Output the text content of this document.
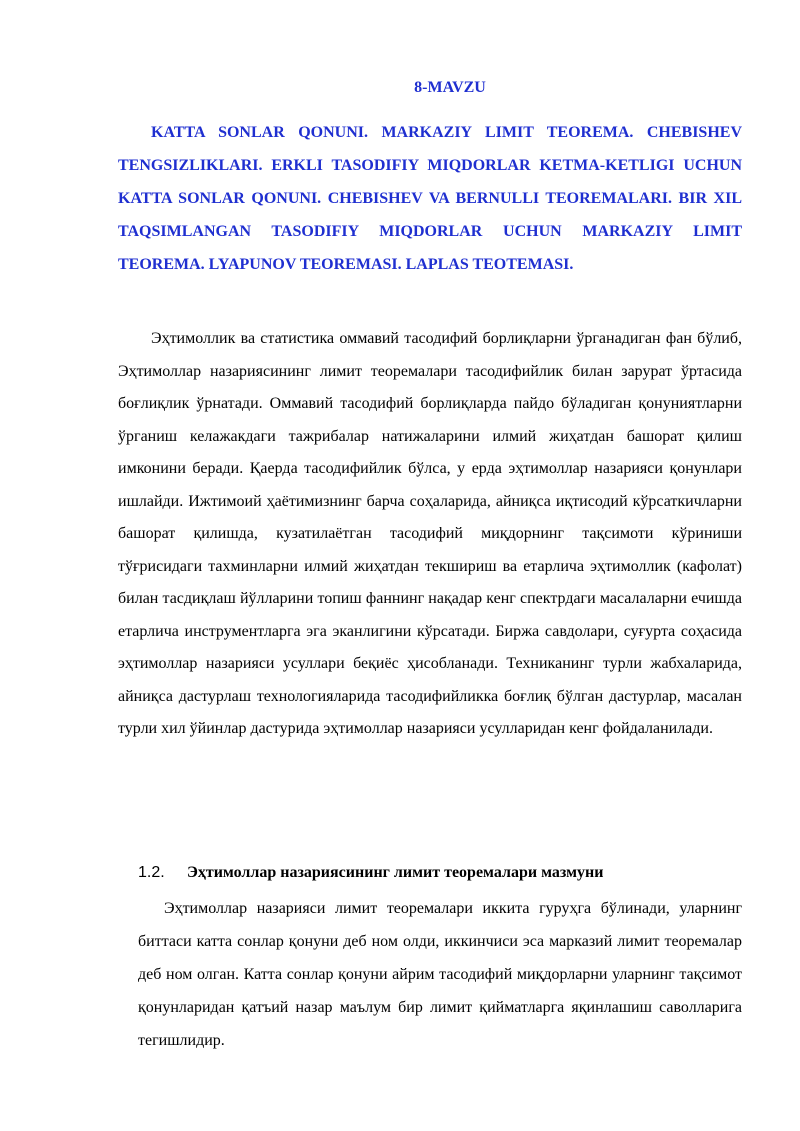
8-MAVZU

KATTA SONLAR QONUNI. MARKAZIY LIMIT TEOREMA. CHEBISHEV TENGSIZLIKLARI. ERKLI TASODIFIY MIQDORLAR KETMA-KETLIGI UCHUN KATTA SONLAR QONUNI. CHEBISHEV VA BERNULLI TEOREMALARI. BIR XIL TAQSIMLANGAN TASODIFIY MIQDORLAR UCHUN MARKAZIY LIMIT TEOREMA. LYAPUNOV TEOREMASI. LAPLAS TEOTEMASI.

Эҳтимоллик ва статистика оммавий тасодифий борлиқларни ўрганадиган фан бўлиб, Эҳтимоллар назариясининг лимит теоремалари тасодифийлик билан зарурат ўртасида боғлиқлик ўрнатади. Оммавий тасодифий борлиқларда пайдо бўладиган қонуниятларни ўрганиш келажакдаги тажрибалар натижаларини илмий жиҳатдан башорат қилиш имконини беради. Қаерда тасодифийлик бўлса, у ерда эҳтимоллар назарияси қонунлари ишлайди. Ижтимоий ҳаётимизнинг барча соҳаларида, айниқса иқтисодий кўрсаткичларни башорат қилишда, кузатилаётган тасодифий миқдорнинг тақсимоти кўриниши тўғрисидаги тахминларни илмий жиҳатдан текшириш ва етарлича эҳтимоллик (кафолат) билан тасдиқлаш йўлларини топиш фаннинг нақадар кенг спектрдаги масалаларни ечишда етарлича инструментларга эга эканлигини кўрсатади. Биржа савдолари, суғурта соҳасида эҳтимоллар назарияси усуллари беқиёс ҳисобланади. Техниканинг турли жабхаларида, айниқса дастурлаш технологияларида тасодифийликка боғлиқ бўлган дастурлар, масалан турли хил ўйинлар дастурида эҳтимоллар назарияси усулларидан кенг фойдаланилади.

1.2.	Эҳтимоллар назариясининг лимит теоремалари мазмуни

Эҳтимоллар назарияси лимит теоремалари иккита гуруҳга бўлинади, уларнинг биттаси катта сонлар қонуни деб ном олди, иккинчиси эса марказий лимит теоремалар деб ном олган. Катта сонлар қонуни айрим тасодифий миқдорларни уларнинг тақсимот қонунларидан қатъий назар маълум бир лимит қийматларга яқинлашиш саволларига тегишлидир.
